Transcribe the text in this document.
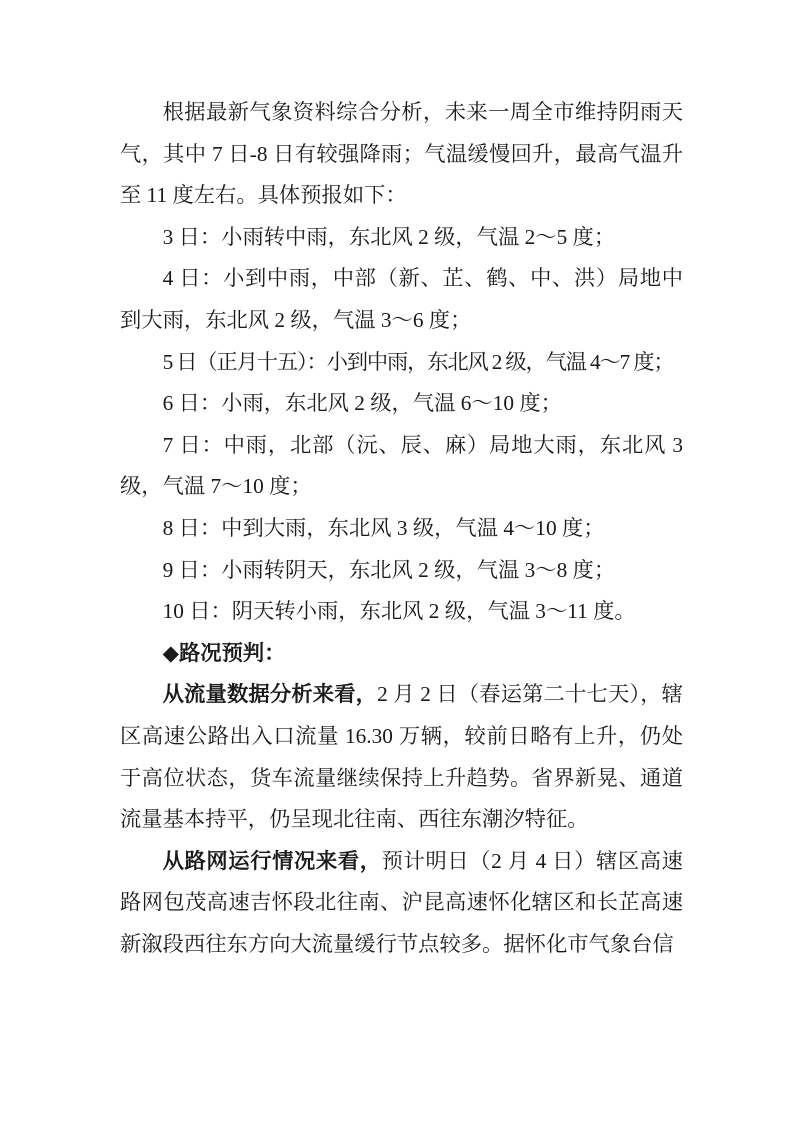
根据最新气象资料综合分析，未来一周全市维持阴雨天气，其中 7 日-8 日有较强降雨；气温缓慢回升，最高气温升至 11 度左右。具体预报如下：

3 日：小雨转中雨，东北风 2 级，气温 2～5 度；

4 日：小到中雨，中部（新、芷、鹤、中、洪）局地中到大雨，东北风 2 级，气温 3～6 度；

5 日（正月十五）：小到中雨，东北风 2 级，气温 4～7 度；

6 日：小雨，东北风 2 级，气温 6～10 度；

7 日：中雨，北部（沅、辰、麻）局地大雨，东北风 3 级，气温 7～10 度；

8 日：中到大雨，东北风 3 级，气温 4～10 度；

9 日：小雨转阴天，东北风 2 级，气温 3～8 度；

10 日：阴天转小雨，东北风 2 级，气温 3～11 度。

◆路况预判：

从流量数据分析来看，2 月 2 日（春运第二十七天），辖区高速公路出入口流量 16.30 万辆，较前日略有上升，仍处于高位状态，货车流量继续保持上升趋势。省界新晃、通道流量基本持平，仍呈现北往南、西往东潮汐特征。

从路网运行情况来看，预计明日（2 月 4 日）辖区高速路网包茂高速吉怀段北往南、沪昆高速怀化辖区和长芷高速新溆段西往东方向大流量缓行节点较多。据怀化市气象台信
